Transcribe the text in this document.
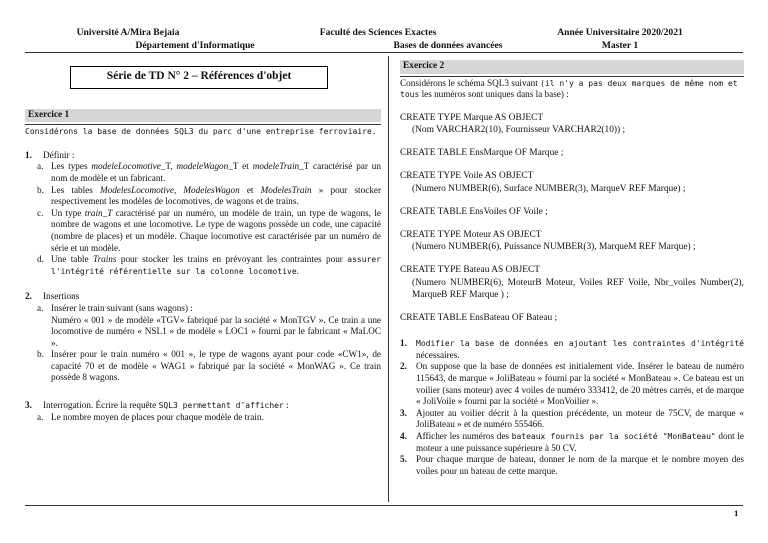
Université A/Mira Bejaia
Département d'Informatique
Faculté des Sciences Exactes
Bases de données avancées
Année Universitaire 2020/2021
Master 1
Série de TD N° 2 – Références d'objet
Exercice 1

Considérons la base de données SQL3 du parc d'une entreprise ferroviaire.

1.	Définir :
a. Les types modeleLocomotive_T, modeleWagon_T et modeleTrain_T caractérisé par un nom de modèle et un fabricant.
b. Les tables ModelesLocomotive, ModelesWagon et ModelesTrain » pour stocker respectivement les modèles de locomotives, de wagons et de trains.
c. Un type train_T caractérisé par un numéro, un modèle de train, un type de wagons, le nombre de wagons et une locomotive. Le type de wagons possède un code, une capacité (nombre de places) et un modèle. Chaque locomotive est caractérisée par un numéro de série et un modèle.
d. Une table Trains pour stocker les trains en prévoyant les contraintes pour assurer l'intégrité référentielle sur la colonne locomotive.
2.	Insertions
a. Insérer le train suivant (sans wagons) :
Numéro « 001 » de modèle «TGV» fabriqué par la société « MonTGV ». Ce train a une locomotive de numéro « NSL1 » de modèle « LOC1 » fourni par le fabricant « MaLOC ».
b. Insérer pour le train numéro « 001 », le type de wagons ayant pour code «CW1», de capacité 70 et de modèle « WAG1 » fabriqué par la société « MonWAG ». Ce train possède 8 wagons.
3.	Interrogation. Écrire la requête SQL3 permettant d'afficher :
a. Le nombre moyen de places pour chaque modèle de train.
Exercice 2

Considérons le schéma SQL3 suivant (il n'y a pas deux marques de même nom et tous les numéros sont uniques dans la base) :

CREATE TYPE Marque AS OBJECT
(Nom VARCHAR2(10), Fournisseur VARCHAR2(10)) ;
CREATE TABLE EnsMarque OF Marque ;
CREATE TYPE Voile AS OBJECT
(Numero NUMBER(6), Surface NUMBER(3), MarqueV REF Marque) ;
CREATE TABLE EnsVoiles OF Voile ;
CREATE TYPE Moteur AS OBJECT
(Numero NUMBER(6), Puissance NUMBER(3), MarqueM REF Marque) ;
CREATE TYPE Bateau AS OBJECT
(Numero NUMBER(6), MoteurB Moteur, Voiles REF Voile, Nbr_voiles Number(2), MarqueB REF Marque ) ;
CREATE TABLE EnsBateau OF Bateau ;
1.	Modifier la base de données en ajoutant les contraintes d'intégrité nécessaires.
2. On suppose que la base de données est initialement vide. Insérer le bateau de numéro 115643, de marque « JoliBateau » fourni par la société « MonBateau ». Ce bateau est un voilier (sans moteur) avec 4 voiles de numéro 333412, de 20 mètres carrés, et de marque « JoliVoile » fourni par la société « MonVoilier ».
3. Ajouter au voilier décrit à la question précédente, un moteur de 75CV, de marque « JoliBateau » et de numéro 555466.
4. Afficher les numéros des bateaux fournis par la société "MonBateau" dont le moteur a une puissance supérieure à 50 CV.
5. Pour chaque marque de bateau, donner le nom de la marque et le nombre moyen des voiles pour un bateau de cette marque.
1
